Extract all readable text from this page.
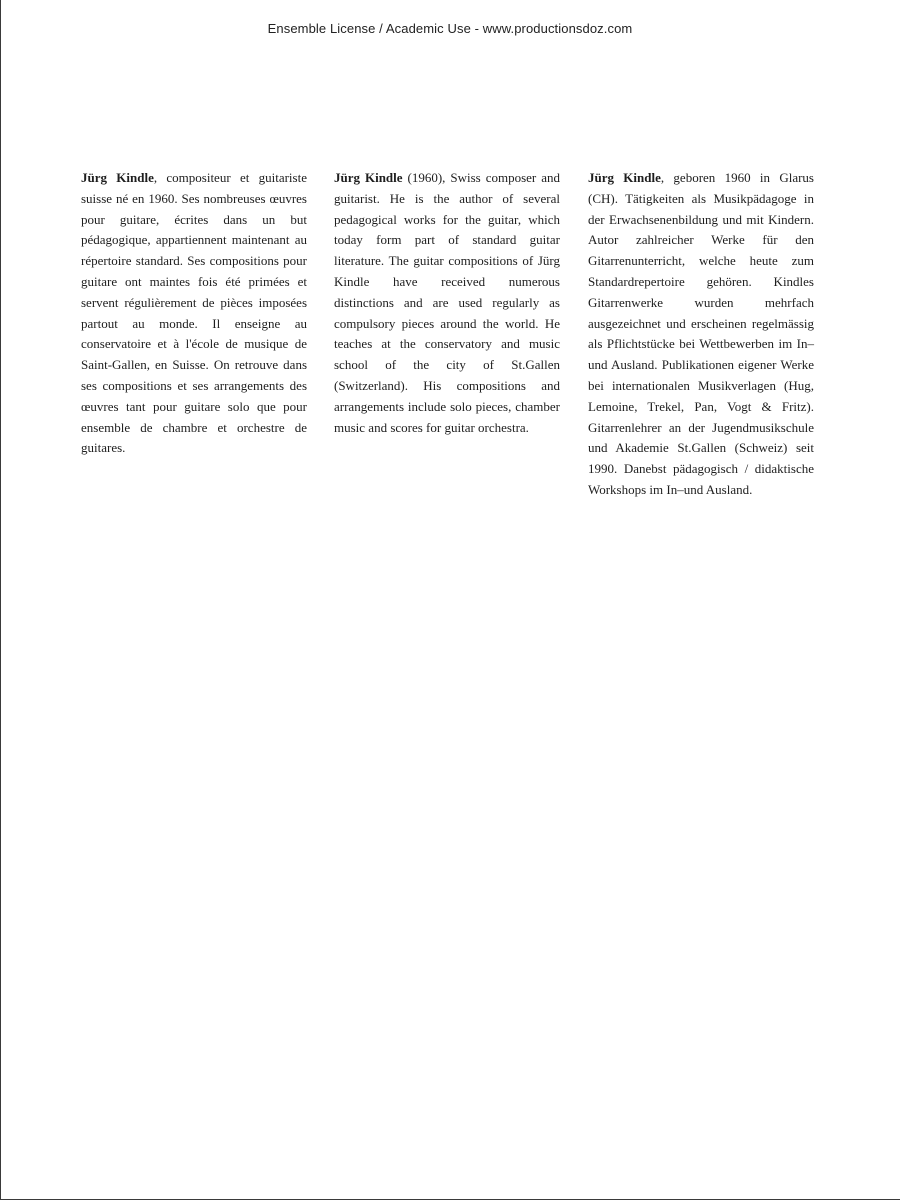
Ensemble License / Academic Use - www.productionsdoz.com
Jürg Kindle, compositeur et guitariste suisse né en 1960. Ses nombreuses œuvres pour guitare, écrites dans un but pédagogique, appartiennent maintenant au répertoire standard. Ses compositions pour guitare ont maintes fois été primées et servent régulièrement de pièces imposées partout au monde. Il enseigne au conservatoire et à l'école de musique de Saint-Gallen, en Suisse. On retrouve dans ses compositions et ses arrangements des œuvres tant pour guitare solo que pour ensemble de chambre et orchestre de guitares.
Jürg Kindle (1960), Swiss composer and guitarist. He is the author of several pedagogical works for the guitar, which today form part of standard guitar literature. The guitar compositions of Jürg Kindle have received numerous distinctions and are used regularly as compulsory pieces around the world. He teaches at the conservatory and music school of the city of St.Gallen (Switzerland). His compositions and arrangements include solo pieces, chamber music and scores for guitar orchestra.
Jürg Kindle, geboren 1960 in Glarus (CH). Tätigkeiten als Musikpädagoge in der Erwachsenenbildung und mit Kindern. Autor zahlreicher Werke für den Gitarrenunterricht, welche heute zum Standardrepertoire gehören. Kindles Gitarrenwerke wurden mehrfach ausgezeichnet und erscheinen regelmässig als Pflichtstücke bei Wettbewerben im In–und Ausland. Publikationen eigener Werke bei internationalen Musikverlagen (Hug, Lemoine, Trekel, Pan, Vogt & Fritz). Gitarrenlehrer an der Jugendmusikschule und Akademie St.Gallen (Schweiz) seit 1990. Danebst pädagogisch / didaktische Workshops im In–und Ausland.
